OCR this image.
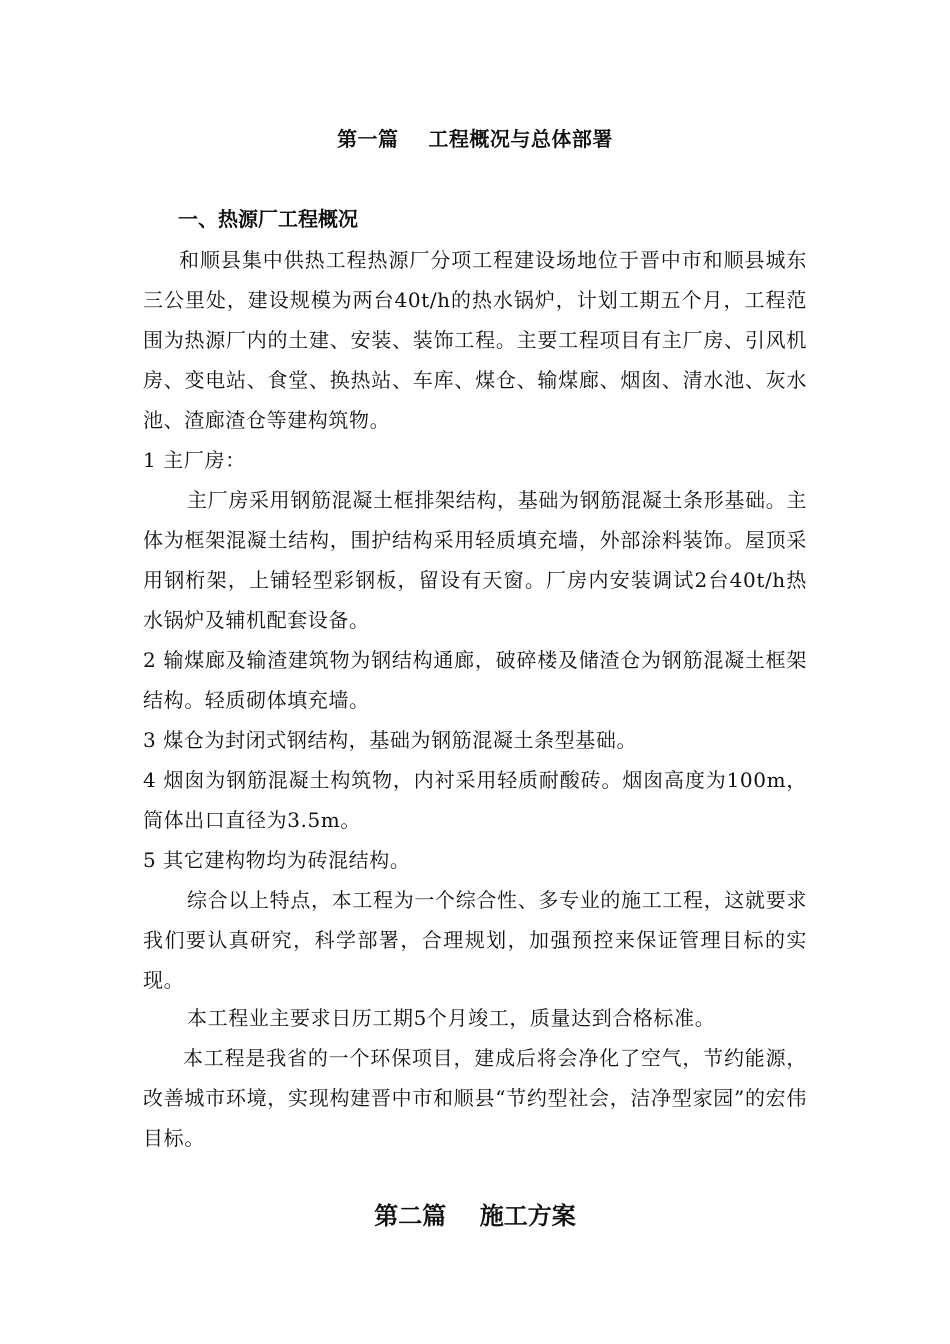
第一篇    工程概况与总体部署
一、热源厂工程概况
和顺县集中供热工程热源厂分项工程建设场地位于晋中市和顺县城东三公里处，建设规模为两台40t/h的热水锅炉，计划工期五个月，工程范围为热源厂内的土建、安装、装饰工程。主要工程项目有主厂房、引风机房、变电站、食堂、换热站、车库、煤仓、输煤廊、烟囱、清水池、灰水池、渣廊渣仓等建构筑物。
1 主厂房：
主厂房采用钢筋混凝土框排架结构，基础为钢筋混凝土条形基础。主体为框架混凝土结构，围护结构采用轻质填充墙，外部涂料装饰。屋顶采用钢桁架，上铺轻型彩钢板，留设有天窗。厂房内安装调试2台40t/h热水锅炉及辅机配套设备。
2 输煤廊及输渣建筑物为钢结构通廊，破碎楼及储渣仓为钢筋混凝土框架结构。轻质砌体填充墙。
3 煤仓为封闭式钢结构，基础为钢筋混凝土条型基础。
4 烟囱为钢筋混凝土构筑物，内衬采用轻质耐酸砖。烟囱高度为100m，筒体出口直径为3.5m。
5 其它建构物均为砖混结构。
综合以上特点，本工程为一个综合性、多专业的施工工程，这就要求我们要认真研究，科学部署，合理规划，加强预控来保证管理目标的实现。
本工程业主要求日历工期5个月竣工，质量达到合格标准。
本工程是我省的一个环保项目，建成后将会净化了空气，节约能源，改善城市环境，实现构建晋中市和顺县“节约型社会，洁净型家园”的宏伟目标。
第二篇    施工方案
